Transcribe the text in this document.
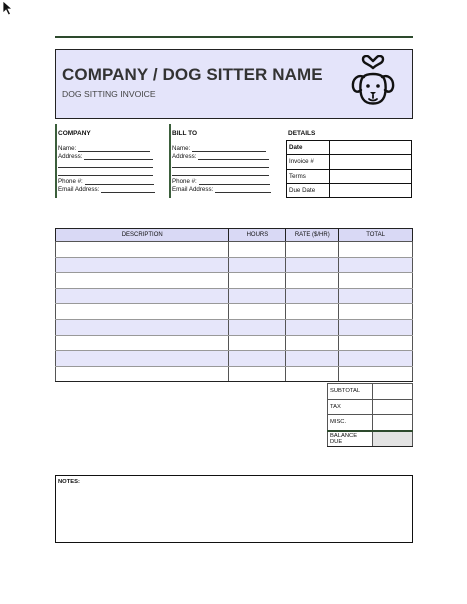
COMPANY / DOG SITTER NAME
DOG SITTING INVOICE
COMPANY
Name:
Address:
Phone #:
Email Address:
BILL TO
Name:
Address:
Phone #:
Email Address:
DETAILS
Date	
Invoice #	
Terms	
Due Date	
DESCRIPTION	HOURS	RATE ($/HR)	TOTAL

SUBTOTAL	
TAX	
MISC.	
BALANCE DUE	
NOTES:
